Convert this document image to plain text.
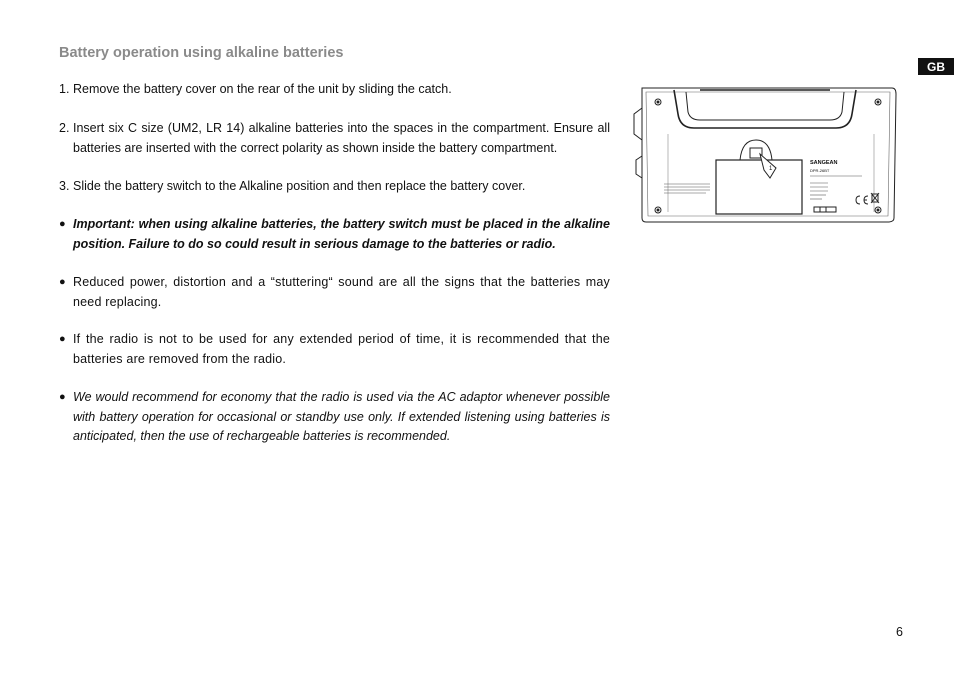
Battery operation using alkaline batteries
GB
1. Remove the battery cover on the rear of the unit by sliding the catch.
2. Insert six C size (UM2, LR 14) alkaline batteries into the spaces in the compartment. Ensure all batteries are inserted with the correct polarity as shown inside the battery compartment.
3. Slide the battery switch to the Alkaline position and then replace the battery cover.
● Important: when using alkaline batteries, the battery switch must be placed in the alkaline position. Failure to do so could result in serious damage to the batteries or radio.
● Reduced power, distortion and a “stuttering“ sound are all the signs that the batteries may need replacing.
● If the radio is not to be used for any extended period of time, it is recommended that the batteries are removed from the radio.
● We would recommend for economy that the radio is used via the AC adaptor whenever possible with battery operation for occasional or standby use only. If extended listening using batteries is anticipated, then the use of rechargeable batteries is recommended.
SANGEAN
DPR-26BT
1
6
